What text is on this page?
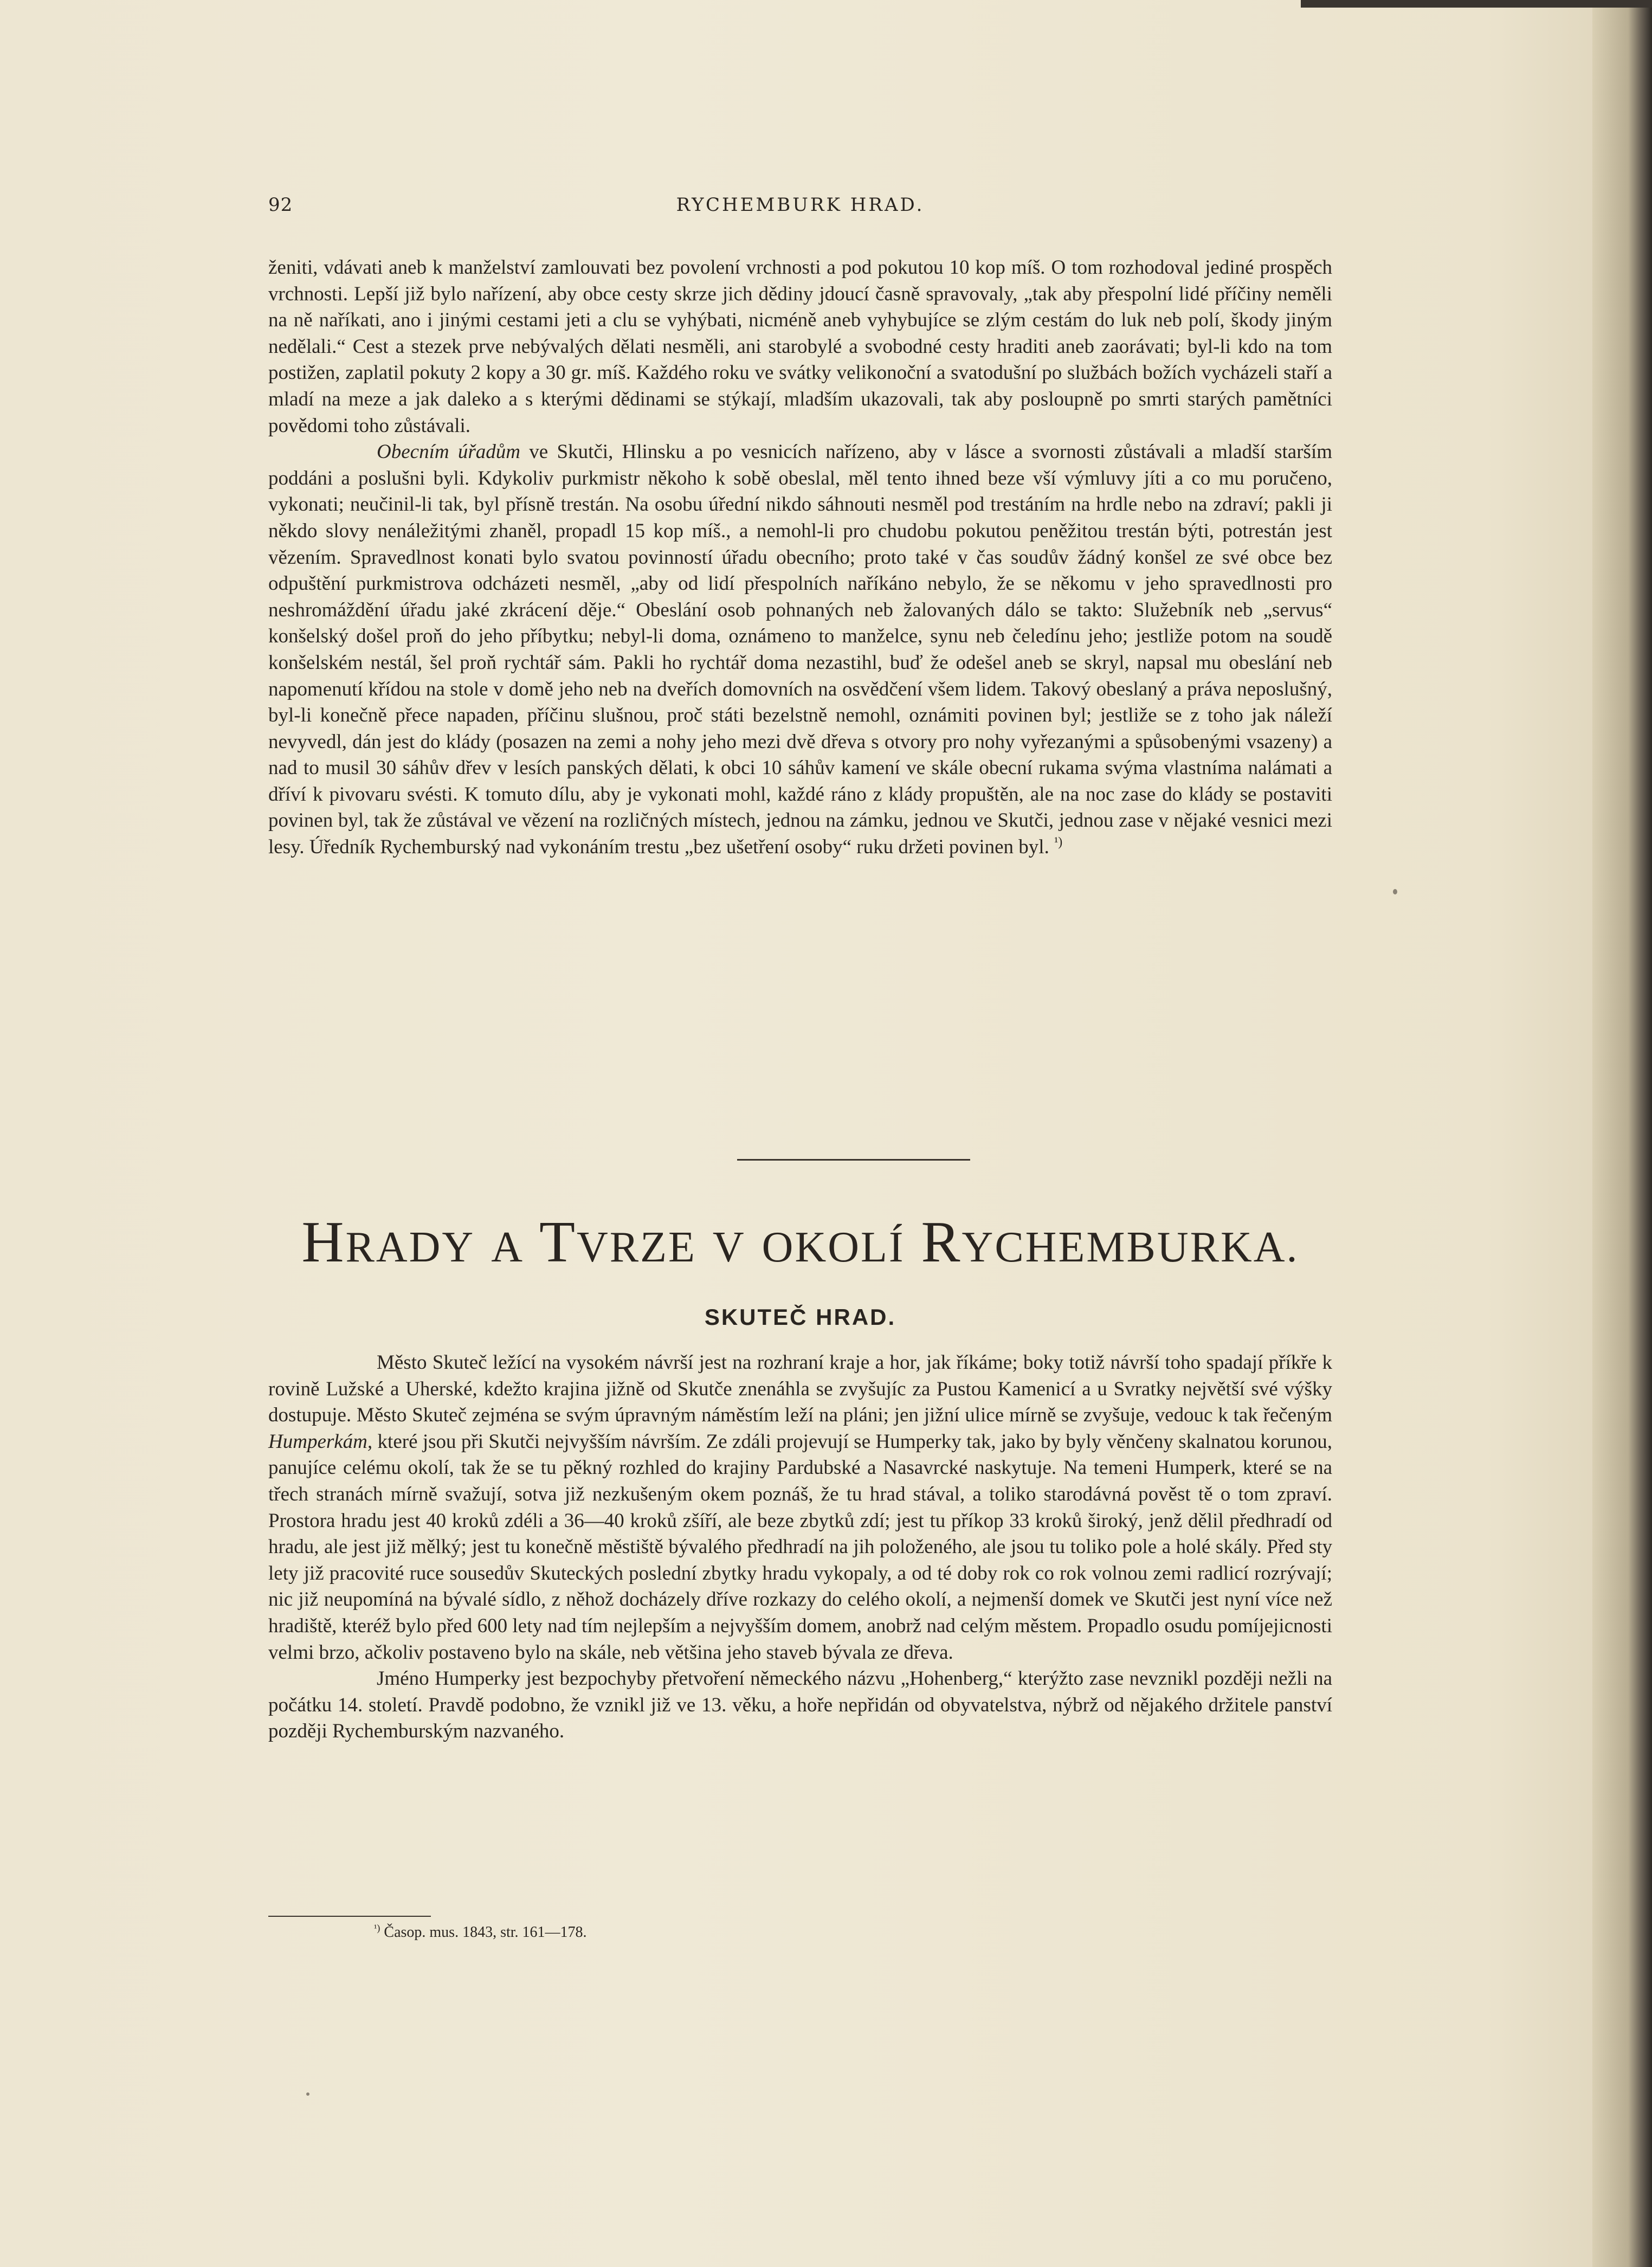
92	RYCHEMBURK HRAD.

ženiti, vdávati aneb k manželství zamlouvati bez povolení vrchnosti a pod pokutou 10 kop míš. O tom rozhodoval jediné prospěch vrchnosti. Lepší již bylo nařízení, aby obce cesty skrze jich dědiny jdoucí časně spravovaly, „tak aby přespolní lidé příčiny neměli na ně naříkati, ano i jinými cestami jeti a clu se vyhýbati, nicméně aneb vyhybujíce se zlým cestám do luk neb polí, škody jiným nedělali.“ Cest a stezek prve nebývalých dělati nesměli, ani starobylé a svobodné cesty hraditi aneb zaorávati; byl-li kdo na tom postižen, zaplatil pokuty 2 kopy a 30 gr. míš. Každého roku ve svátky velikonoční a svatodušní po službách božích vycházeli staří a mladí na meze a jak daleko a s kterými dědinami se stýkají, mladším ukazovali, tak aby posloupně po smrti starých pamětníci povědomi toho zůstávali.

Obecním úřadům ve Skutči, Hlinsku a po vesnicích nařízeno, aby v lásce a svornosti zůstávali a mladší starším poddáni a poslušni byli. Kdykoliv purkmistr někoho k sobě obeslal, měl tento ihned beze vší výmluvy jíti a co mu poručeno, vykonati; neučinil-li tak, byl přísně trestán. Na osobu úřední nikdo sáhnouti nesměl pod trestáním na hrdle nebo na zdraví; pakli ji někdo slovy nenáležitými zhaněl, propadl 15 kop míš., a nemohl-li pro chudobu pokutou peněžitou trestán býti, potrestán jest vězením. Spravedlnost konati bylo svatou povinností úřadu obecního; proto také v čas soudův žádný konšel ze své obce bez odpuštění purkmistrova odcházeti nesměl, „aby od lidí přespolních naříkáno nebylo, že se někomu v jeho spravedlnosti pro neshromáždění úřadu jaké zkrácení děje.“ Obeslání osob pohnaných neb žalovaných dálo se takto: Služebník neb „servus“ konšelský došel proň do jeho příbytku; nebyl-li doma, oznámeno to manželce, synu neb čeledínu jeho; jestliže potom na soudě konšelském nestál, šel proň rychtář sám. Pakli ho rychtář doma nezastihl, buď že odešel aneb se skryl, napsal mu obeslání neb napomenutí křídou na stole v domě jeho neb na dveřích domovních na osvědčení všem lidem. Takový obeslaný a práva neposlušný, byl-li konečně přece napaden, příčinu slušnou, proč státi bezelstně nemohl, oznámiti povinen byl; jestliže se z toho jak náleží nevyvedl, dán jest do klády (posazen na zemi a nohy jeho mezi dvě dřeva s otvory pro nohy vyřezanými a spůsobenými vsazeny) a nad to musil 30 sáhův dřev v lesích panských dělati, k obci 10 sáhův kamení ve skále obecní rukama svýma vlastníma nalámati a dříví k pivovaru svésti. K tomuto dílu, aby je vykonati mohl, každé ráno z klády propuštěn, ale na noc zase do klády se postaviti povinen byl, tak že zůstával ve vězení na rozličných místech, jednou na zámku, jednou ve Skutči, jednou zase v nějaké vesnici mezi lesy. Úředník Rychemburský nad vykonáním trestu „bez ušetření osoby“ ruku držeti povinen byl. $^{^1)}$

HRADY A TVRZE V OKOLÍ RYCHEMBURKA.
SKUTEČ HRAD.

Město Skuteč ležící na vysokém návrší jest na rozhraní kraje a hor, jak říkáme; boky totiž návrší toho spadají příkře k rovině Lužské a Uherské, kdežto krajina jižně od Skutče znenáhla se zvyšujíc za Pustou Kamenicí a u Svratky největší své výšky dostupuje. Město Skuteč zejména se svým úpravným náměstím leží na pláni; jen jižní ulice mírně se zvyšuje, vedouc k tak řečeným Humperkám, které jsou při Skutči nejvyšším návrším. Ze zdáli projevují se Humperky tak, jako by byly věnčeny skalnatou korunou, panujíce celému okolí, tak že se tu pěkný rozhled do krajiny Pardubské a Nasavrcké naskytuje. Na temeni Humperk, které se na třech stranách mírně svažují, sotva již nezkušeným okem poznáš, že tu hrad stával, a toliko starodávná pověst tě o tom zpraví. Prostora hradu jest 40 kroků zdéli a 36—40 kroků zšíří, ale beze zbytků zdí; jest tu příkop 33 kroků široký, jenž dělil předhradí od hradu, ale jest již mělký; jest tu konečně městiště bývalého předhradí na jih položeného, ale jsou tu toliko pole a holé skály. Před sty lety již pracovité ruce sousedův Skuteckých poslední zbytky hradu vykopaly, a od té doby rok co rok volnou zemi radlicí rozrývají; nic již neupomíná na bývalé sídlo, z něhož docházely dříve rozkazy do celého okolí, a nejmenší domek ve Skutči jest nyní více než hradiště, kteréž bylo před 600 lety nad tím nejlepším a nejvyšším domem, anobrž nad celým městem. Propadlo osudu pomíjejicnosti velmi brzo, ačkoliv postaveno bylo na skále, neb většina jeho staveb bývala ze dřeva.

Jméno Humperky jest bezpochyby přetvoření německého názvu „Hohenberg,“ kterýžto zase nevznikl později nežli na počátku 14. století. Pravdě podobno, že vznikl již ve 13. věku, a hoře nepřidán od obyvatelstva, nýbrž od nějakého držitele panství později Rychemburským nazvaného.

$^{^1)}$ Časop. mus. 1843, str. 161—178.
